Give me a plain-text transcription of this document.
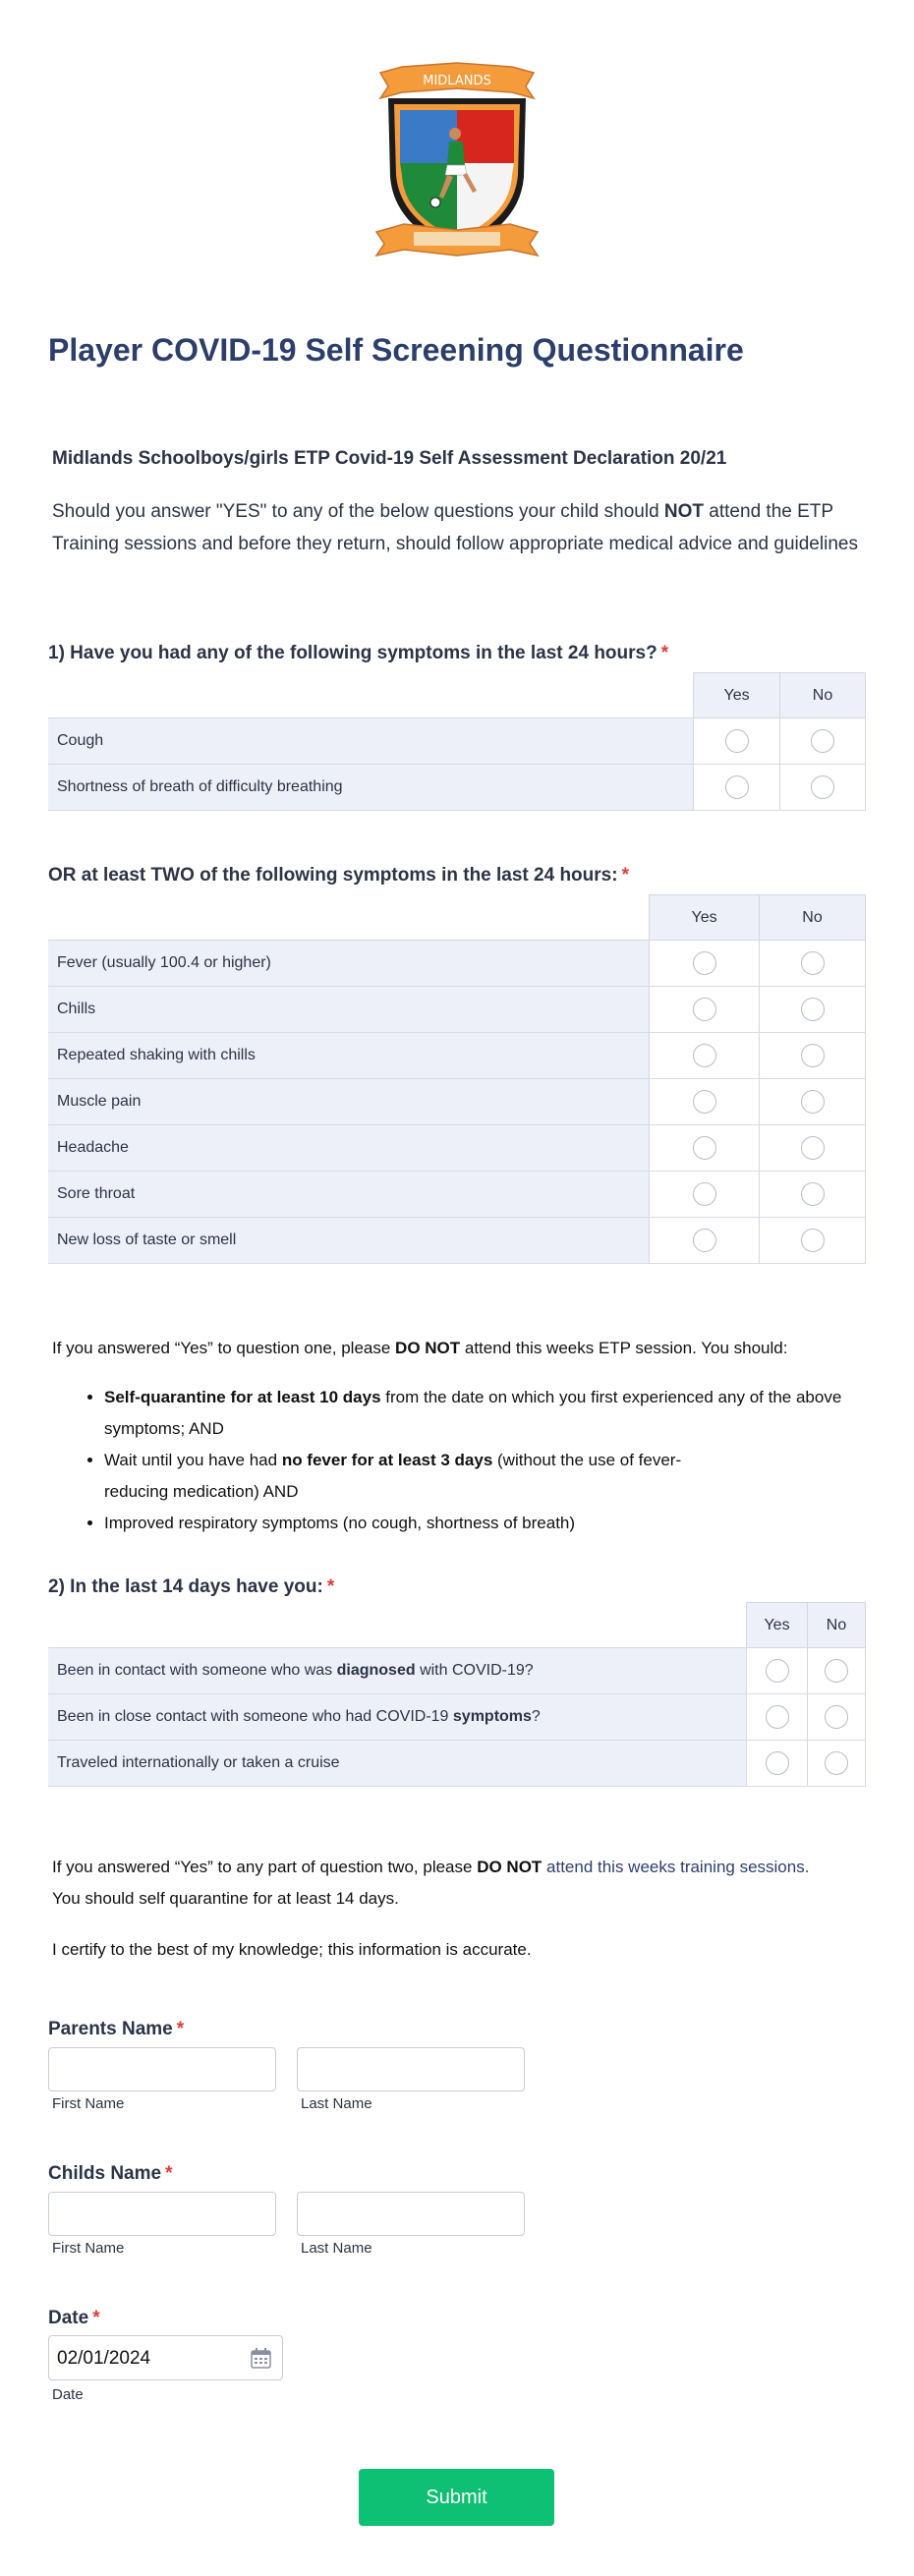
MIDLANDS
Player COVID-19 Self Screening Questionnaire
Midlands Schoolboys/girls ETP Covid-19 Self Assessment Declaration 20/21
Should you answer "YES" to any of the below questions your child should NOT attend the ETP Training sessions and before they return, should follow appropriate medical advice and guidelines
1) Have you had any of the following symptoms in the last 24 hours? *
	Yes	No
Cough		
Shortness of breath of difficulty breathing		
OR at least TWO of the following symptoms in the last 24 hours: *
	Yes	No
Fever (usually 100.4 or higher)		
Chills		
Repeated shaking with chills		
Muscle pain		
Headache		
Sore throat		
New loss of taste or smell		
If you answered “Yes” to question one, please DO NOT attend this weeks ETP session. You should:
• Self-quarantine for at least 10 days from the date on which you first experienced any of the above symptoms; AND
• Wait until you have had no fever for at least 3 days (without the use of fever-
reducing medication) AND
• Improved respiratory symptoms (no cough, shortness of breath)
2) In the last 14 days have you: *
	Yes	No
Been in contact with someone who was diagnosed with COVID-19?		
Been in close contact with someone who had COVID-19 symptoms?		
Traveled internationally or taken a cruise		
If you answered “Yes” to any part of question two, please DO NOT attend this weeks training sessions.
You should self quarantine for at least 14 days.
I certify to the best of my knowledge; this information is accurate.
Parents Name *
First Name	Last Name
Childs Name *
First Name	Last Name
Date *
02/01/2024
Date
Submit
